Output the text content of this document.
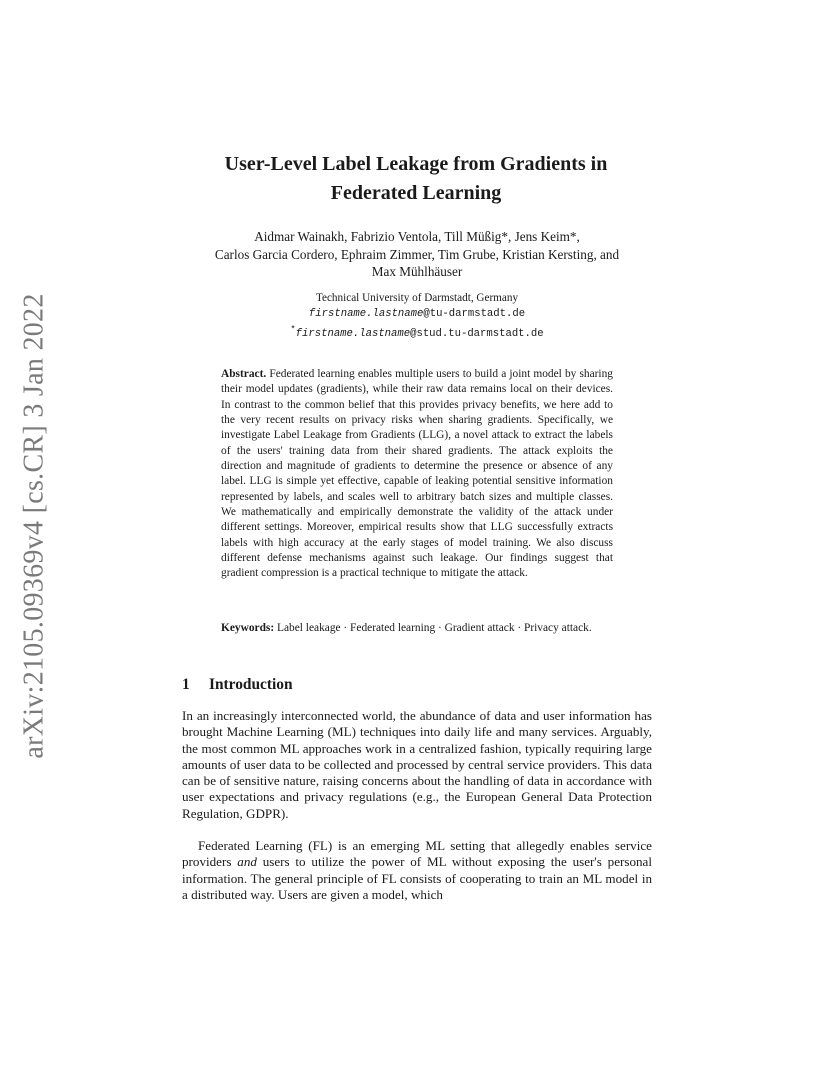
arXiv:2105.09369v4 [cs.CR] 3 Jan 2022
User-Level Label Leakage from Gradients in
Federated Learning
Aidmar Wainakh, Fabrizio Ventola, Till Müßig*, Jens Keim*,
Carlos Garcia Cordero, Ephraim Zimmer, Tim Grube, Kristian Kersting, and
Max Mühlhäuser
Technical University of Darmstadt, Germany
firstname.lastname@tu-darmstadt.de
*firstname.lastname@stud.tu-darmstadt.de

Abstract. Federated learning enables multiple users to build a joint model by sharing their model updates (gradients), while their raw data remains local on their devices. In contrast to the common belief that this provides privacy benefits, we here add to the very recent results on privacy risks when sharing gradients. Specifically, we investigate Label Leakage from Gradients (LLG), a novel attack to extract the labels of the users' training data from their shared gradients. The attack exploits the direction and magnitude of gradients to determine the presence or absence of any label. LLG is simple yet effective, capable of leaking potential sensitive information represented by labels, and scales well to arbitrary batch sizes and multiple classes. We mathematically and empirically demonstrate the validity of the attack under different settings. Moreover, empirical results show that LLG successfully extracts labels with high accuracy at the early stages of model training. We also discuss different defense mechanisms against such leakage. Our findings suggest that gradient compression is a practical technique to mitigate the attack.

Keywords: Label leakage · Federated learning · Gradient attack · Privacy attack.

1 Introduction

In an increasingly interconnected world, the abundance of data and user information has brought Machine Learning (ML) techniques into daily life and many services. Arguably, the most common ML approaches work in a centralized fashion, typically requiring large amounts of user data to be collected and processed by central service providers. This data can be of sensitive nature, raising concerns about the handling of data in accordance with user expectations and privacy regulations (e.g., the European General Data Protection Regulation, GDPR).

Federated Learning (FL) is an emerging ML setting that allegedly enables service providers and users to utilize the power of ML without exposing the user's personal information. The general principle of FL consists of cooperating to train an ML model in a distributed way. Users are given a model, which
